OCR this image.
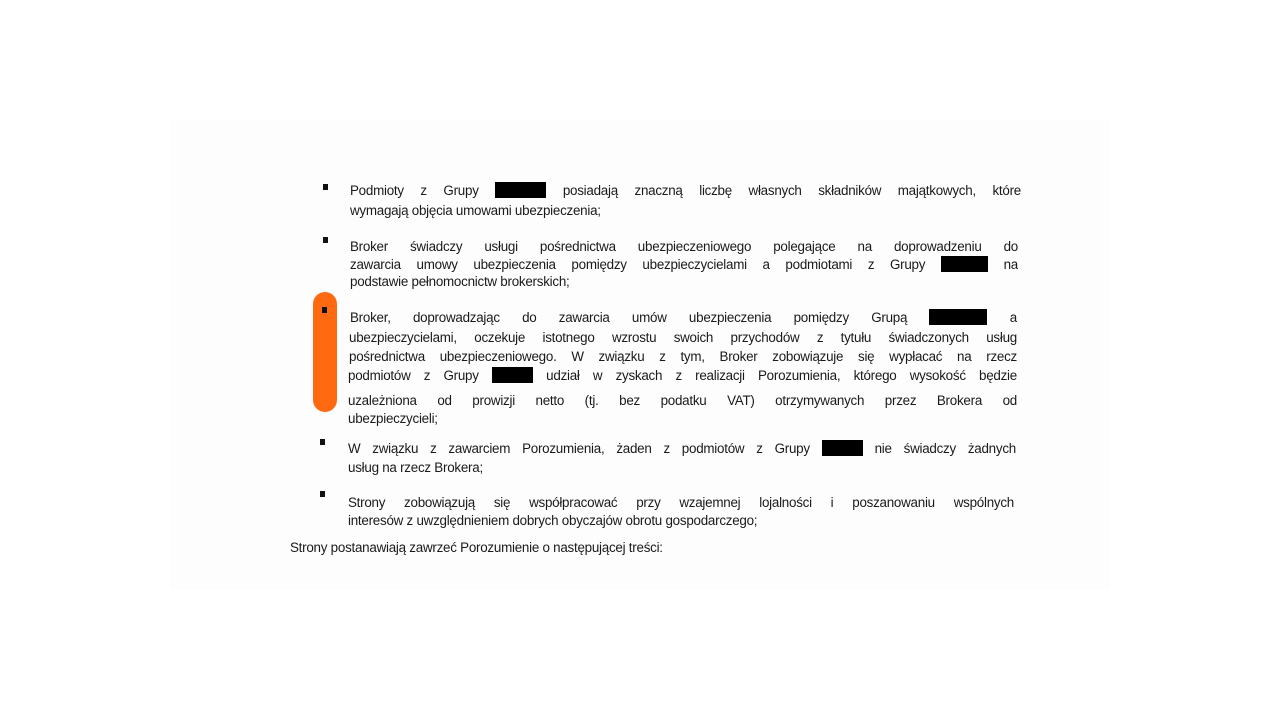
Podmioty z Grupy	posiadają znaczną liczbę własnych składników majątkowych, które
wymagają objęcia umowami ubezpieczenia;
Broker świadczy usługi pośrednictwa ubezpieczeniowego polegające na doprowadzeniu do
zawarcia umowy ubezpieczenia pomiędzy ubezpieczycielami a podmiotami z Grupy	na
podstawie pełnomocnictw brokerskich;
Broker, doprowadzając do zawarcia umów ubezpieczenia pomiędzy Grupą	a
ubezpieczycielami, oczekuje istotnego wzrostu swoich przychodów z tytułu świadczonych usług
pośrednictwa ubezpieczeniowego. W związku z tym, Broker zobowiązuje się wypłacać na rzecz
podmiotów z Grupy	udział w zyskach z realizacji Porozumienia, którego wysokość będzie
uzależniona od prowizji netto (tj. bez podatku VAT) otrzymywanych przez Brokera od
ubezpieczycieli;
W związku z zawarciem Porozumienia, żaden z podmiotów z Grupy	nie świadczy żadnych
usług na rzecz Brokera;
Strony zobowiązują się współpracować przy wzajemnej lojalności i poszanowaniu wspólnych
interesów z uwzględnieniem dobrych obyczajów obrotu gospodarczego;
Strony postanawiają zawrzeć Porozumienie o następującej treści:
